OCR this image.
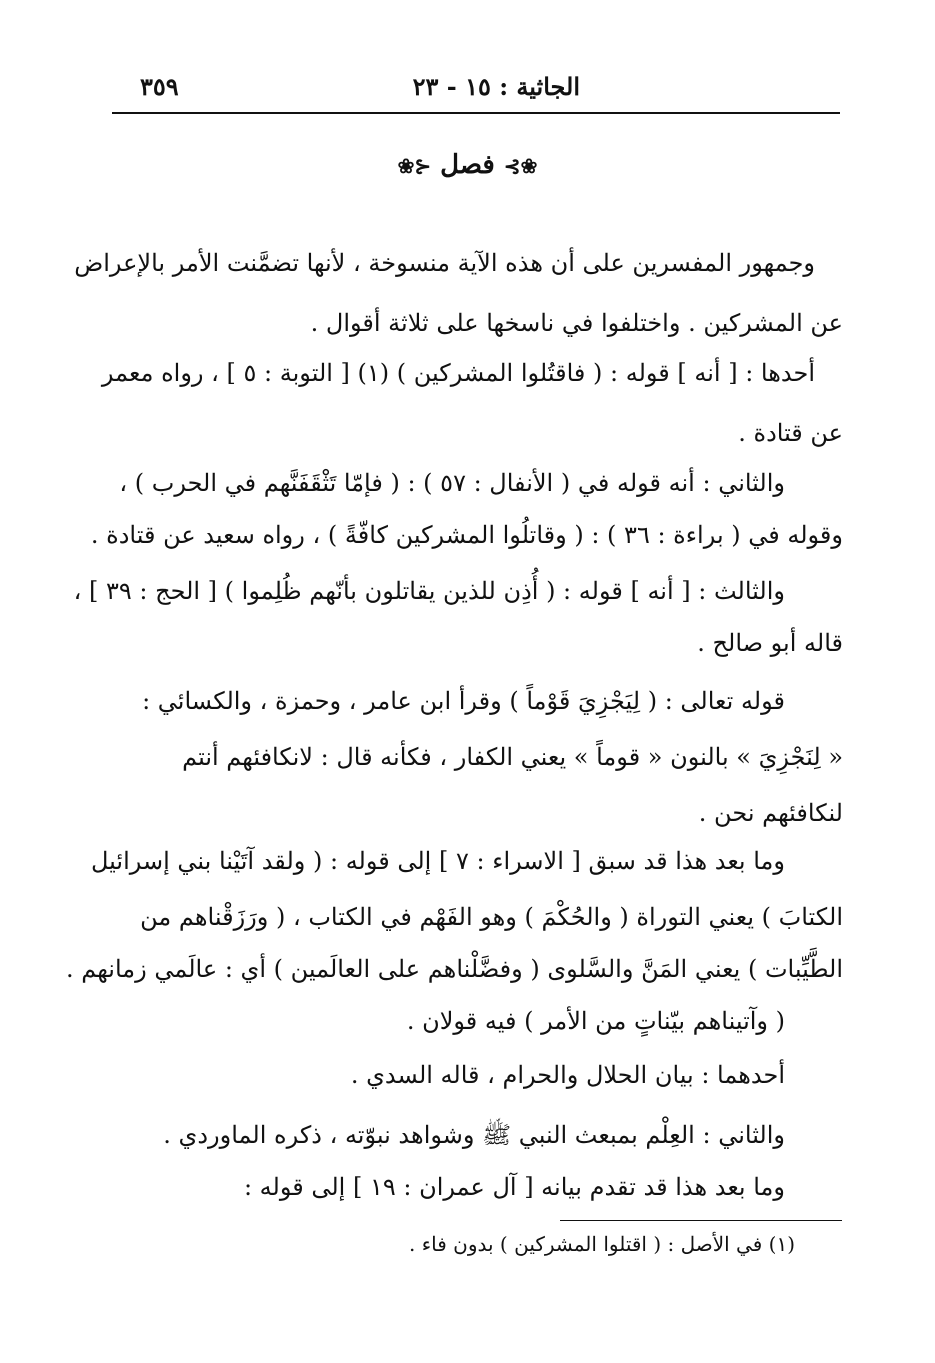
الجاثية : ١٥ - ٢٣
٣٥٩
❀⊱ فصل ⊰❀
وجمهور المفسرين على أن هذه الآية منسوخة ، لأنها تضمَّنت الأمر بالإعراض
عن المشركين . واختلفوا في ناسخها على ثلاثة أقوال .
أحدها : [ أنه ] قوله : ( فاقتُلوا المشركين ) (١) [ التوبة : ٥ ] ، رواه معمر
عن قتادة .
والثاني : أنه قوله في ( الأنفال : ٥٧ ) : ( فإمّا تَثْقَفَنَّهم في الحرب ) ،
وقوله في ( براءة : ٣٦ ) : ( وقاتلُوا المشركين كافّةً ) ، رواه سعيد عن قتادة .
والثالث : [ أنه ] قوله : ( أُذِن للذين يقاتلون بأنّهم ظُلِموا ) [ الحج : ٣٩ ] ،
قاله أبو صالح .
قوله تعالى : ( لِيَجْزِيَ قَوْماً ) وقرأ ابن عامر ، وحمزة ، والكسائي :
« لِنَجْزِيَ » بالنون « قوماً » يعني الكفار ، فكأنه قال : لانكافئهم أنتم
لنكافئهم نحن .
وما بعد هذا قد سبق [ الاسراء : ٧ ] إلى قوله : ( ولقد آتَيْنا بني إسرائيل
الكتابَ ) يعني التوراة ( والحُكْمَ ) وهو الفَهْم في الكتاب ، ( ورَزَقْناهم من
الطَّيِّبات ) يعني المَنَّ والسَّلوى ( وفضَّلْناهم على العالَمين ) أي : عالَمي زمانهم .
( وآتيناهم بيّناتٍ من الأمر ) فيه قولان .
أحدهما : بيان الحلال والحرام ، قاله السدي .
والثاني : العِلْم بمبعث النبي ﷺ وشواهد نبوّته ، ذكره الماوردي .
وما بعد هذا قد تقدم بيانه [ آل عمران : ١٩ ] إلى قوله :
(١) في الأصل : ( اقتلوا المشركين ) بدون فاء .
